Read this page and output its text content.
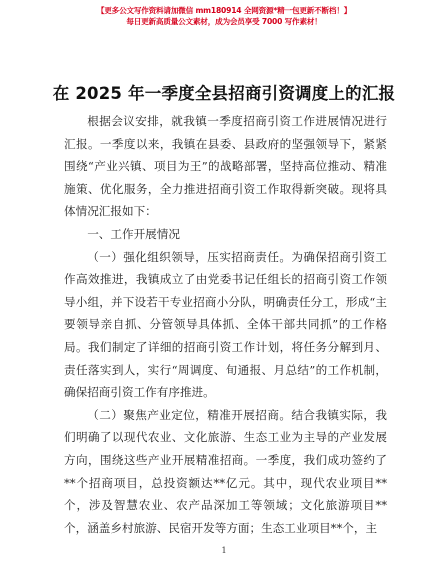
【更多公文写作资料请加微信 mm180914 全网资源*精一包更新不断档！】
每日更新高质量公文素材，成为会员享受 7000 写作素材！
在 2025 年一季度全县招商引资调度上的汇报

根据会议安排，就我镇一季度招商引资工作进展情况进行汇报。一季度以来，我镇在县委、县政府的坚强领导下，紧紧围绕“产业兴镇、项目为王”的战略部署，坚持高位推动、精准施策、优化服务，全力推进招商引资工作取得新突破。现将具体情况汇报如下：

一、工作开展情况

（一）强化组织领导，压实招商责任。为确保招商引资工作高效推进，我镇成立了由党委书记任组长的招商引资工作领导小组，并下设若干专业招商小分队，明确责任分工，形成“主要领导亲自抓、分管领导具体抓、全体干部共同抓”的工作格局。我们制定了详细的招商引资工作计划，将任务分解到月、责任落实到人，实行“周调度、旬通报、月总结”的工作机制，确保招商引资工作有序推进。

（二）聚焦产业定位，精准开展招商。结合我镇实际，我们明确了以现代农业、文化旅游、生态工业为主导的产业发展方向，围绕这些产业开展精准招商。一季度，我们成功签约了**个招商项目，总投资额达**亿元。其中，现代农业项目**个，涉及智慧农业、农产品深加工等领域；文化旅游项目**个，涵盖乡村旅游、民宿开发等方面；生态工业项目**个，主

1
